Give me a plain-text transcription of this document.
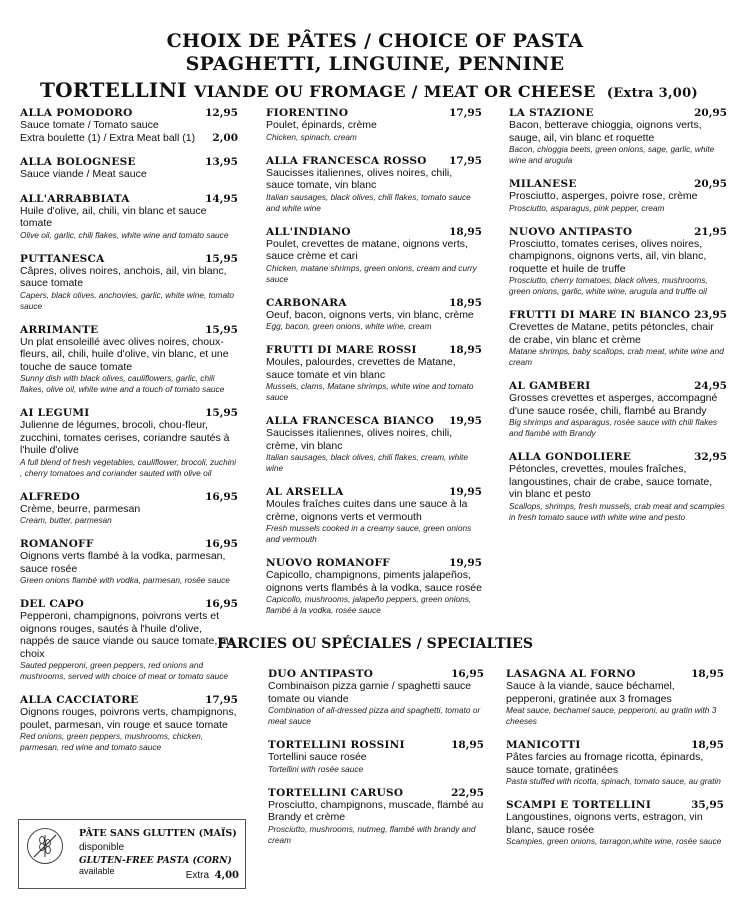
CHOIX DE PÂTES / CHOICE OF PASTA
SPAGHETTI, LINGUINE, PENNINE
TORTELLINI VIANDE OU FROMAGE / MEAT OR CHEESE (Extra 3,00)
ALLA POMODORO	12,95
Sauce tomate / Tomato sauce
Extra boulette (1) / Extra Meat ball (1) 2,00
ALLA BOLOGNESE	13,95
Sauce viande / Meat sauce
ALL'ARRABBIATA	14,95
Huile d'olive, ail, chili, vin blanc et sauce tomate
Olive oil, garlic, chili flakes, white wine and tomato sauce
PUTTANESCA	15,95
Câpres, olives noires, anchois, ail, vin blanc, sauce tomate
Capers, black olives, anchovies, garlic, white wine, tomato sauce
ARRIMANTE	15,95
Un plat ensoleillé avec olives noires, choux-fleurs, ail, chili, huile d'olive, vin blanc, et une touche de sauce tomate
Sunny dish with black olives, cauliflowers, garlic, chili flakes, olive oil, white wine and a touch of tomato sauce
AI LEGUMI	15,95
Julienne de légumes, brocoli, chou-fleur, zucchini, tomates cerises, coriandre sautés à l'huile d'olive
A full blend of fresh vegetables, cauliflower, brocoli, zuchini , cherry tomatoes and coriander sauted with olive oil
ALFREDO	16,95
Crème, beurre, parmesan
Cream, butter, parmesan
ROMANOFF	16,95
Oignons verts flambé à la vodka, parmesan, sauce rosée
Green onions flambé with vodka, parmesan, rosée sauce
DEL CAPO	16,95
Pepperoni, champignons, poivrons verts et oignons rouges, sautés à l'huile d'olive, nappés de sauce viande ou sauce tomate, au choix
Sauted pepperoni, green peppers, red onions and mushrooms, served with choice of meat or tomato sauce
ALLA CACCIATORE	17,95
Oignons rouges, poivrons verts, champignons, poulet, parmesan, vin rouge et sauce tomate
Red onions, green peppers, mushrooms, chicken, parmesan, red wine and tomato sauce
FIORENTINO	17,95
Poulet, épinards, crème
Chicken, spinach, cream
ALLA FRANCESCA ROSSO 17,95
Saucisses italiennes, olives noires, chili, sauce tomate, vin blanc
Italian sausages, black olives, chili flakes, tomato sauce and white wine
ALL'INDIANO	18,95
Poulet, crevettes de matane, oignons verts, sauce crème et cari
Chicken, matane shrimps, green onions, cream and curry sauce
CARBONARA	18,95
Oeuf, bacon, oignons verts, vin blanc, crème
Egg, bacon, green onions, white wine, cream
FRUTTI DI MARE ROSSI	18,95
Moules, palourdes, crevettes de Matane, sauce tomate et vin blanc
Mussels, clams, Matane shrimps, white wine and tomato sauce
ALLA FRANCESCA BIANCO 19,95
Saucisses italiennes, olives noires, chili, crème, vin blanc
Italian sausages, black olives, chili flakes, cream, white wine
AL ARSELLA	19,95
Moules fraîches cuites dans une sauce à la crème, oignons verts et vermouth
Fresh mussels cooked in a creamy sauce, green onions and vermouth
NUOVO ROMANOFF	19,95
Capicollo, champignons, piments jalapeños, oignons verts flambés à la vodka, sauce rosée
Capicollo, mushrooms, jalapeño peppers, green onions, flambé à la vodka, rosée sauce
LA STAZIONE	20,95
Bacon, betterave chioggia, oignons verts, sauge, ail, vin blanc et roquette
Bacon, chioggia beets, green onions, sage, garlic, white wine and arugula
MILANESE	20,95
Prosciutto, asperges, poivre rose, crème
Prosciutto, asparagus, pink pepper, cream
NUOVO ANTIPASTO	21,95
Prosciutto, tomates cerises, olives noires, champignons, oignons verts, ail, vin blanc, roquette et huile de truffe
Prosciutto, cherry tomatoes, black olives, mushrooms, green onions, garlic, white wine, arugula and truffle oil
FRUTTI DI MARE IN BIANCO 23,95
Crevettes de Matane, petits pétoncles, chair de crabe, vin blanc et crème
Matane shrimps, baby scallops, crab meat, white wine and cream
AL GAMBERI	24,95
Grosses crevettes et asperges, accompagné d'une sauce rosée, chili, flambé au Brandy
Big shrimps and asparagus, rosée sauce with chili flakes and flambé with Brandy
ALLA GONDOLIERE	32,95
Pétoncles, crevettes, moules fraîches, langoustines, chair de crabe, sauce tomate, vin blanc et pesto
Scallops, shrimps, fresh mussels, crab meat and scampies in fresh tomato sauce with white wine and pesto
FARCIES OU SPÉCIALES / SPECIALTIES
DUO ANTIPASTO	16,95
Combinaison pizza garnie / spaghetti sauce tomate ou viande
Combination of all-dressed pizza and spaghetti, tomato or meat sauce
TORTELLINI ROSSINI	18,95
Tortellini sauce rosée
Tortellini with rosée sauce
TORTELLINI CARUSO	22,95
Prosciutto, champignons, muscade, flambé au Brandy et crème
Prosciutto, mushrooms, nutmeg, flambé with brandy and cream
LASAGNA AL FORNO	18,95
Sauce à la viande, sauce béchamel, pepperoni, gratinée aux 3 fromages
Meat sauce, bechamel sauce, pepperoni, au gratin with 3 cheeses
MANICOTTI	18,95
Pâtes farcies au fromage ricotta, épinards, sauce tomate, gratinées
Pasta stuffed with ricotta, spinach, tomato sauce, au gratin
SCAMPI E TORTELLINI	35,95
Langoustines, oignons verts, estragon, vin blanc, sauce rosée
Scampies, green onions, tarragon,white wine, rosée sauce
PÂTE SANS GLUTTEN (MAÏS)
disponible
GLUTEN-FREE PASTA (CORN) available	Extra 4,00
